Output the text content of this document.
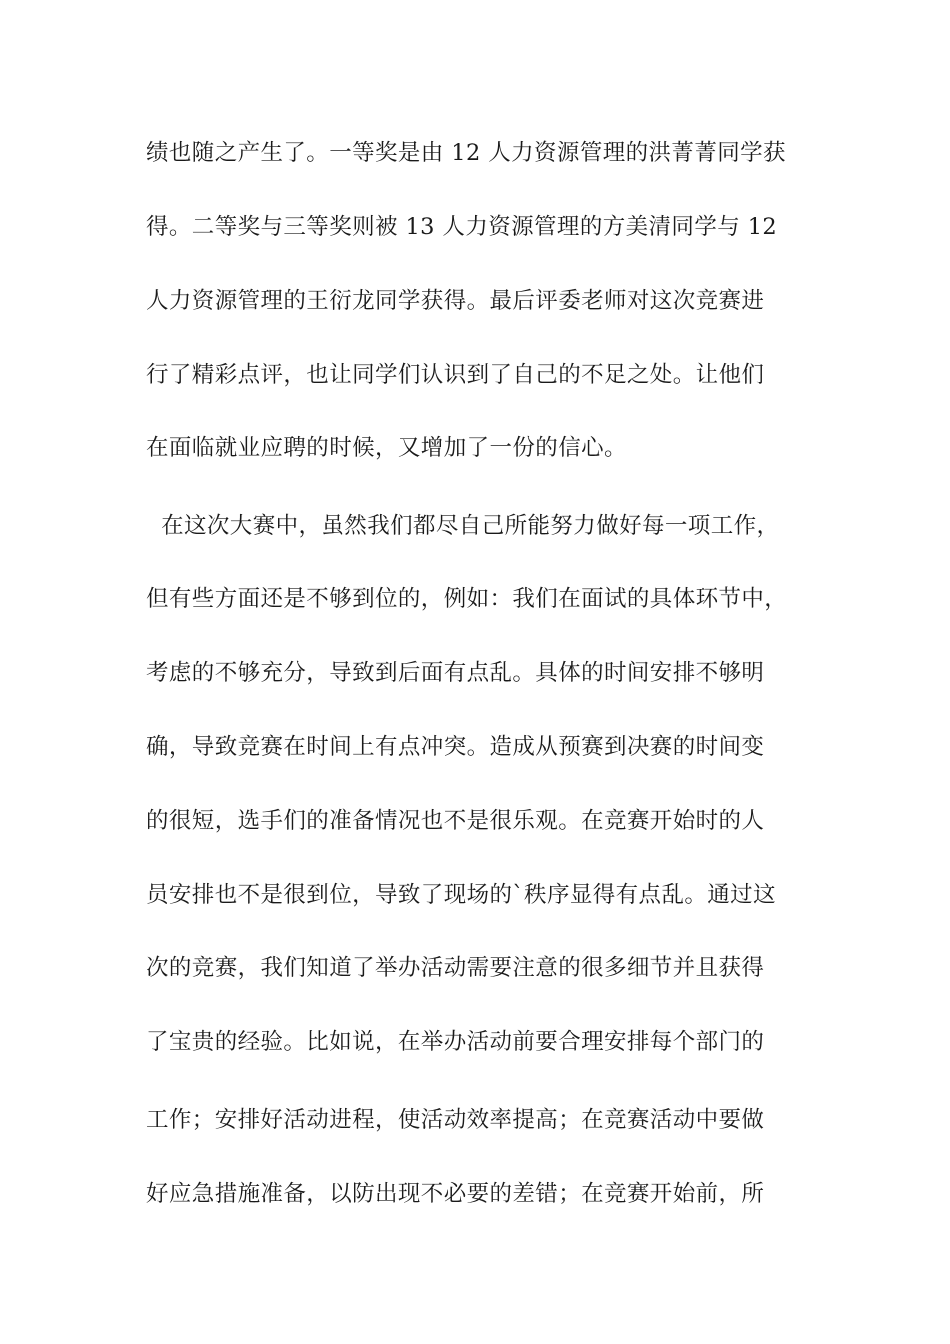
绩也随之产生了。一等奖是由 12 人力资源管理的洪菁菁同学获
得。二等奖与三等奖则被 13 人力资源管理的方美清同学与 12
人力资源管理的王衍龙同学获得。最后评委老师对这次竞赛进
行了精彩点评，也让同学们认识到了自己的不足之处。让他们
在面临就业应聘的时候，又增加了一份的信心。
在这次大赛中，虽然我们都尽自己所能努力做好每一项工作，
但有些方面还是不够到位的，例如：我们在面试的具体环节中，
考虑的不够充分，导致到后面有点乱。具体的时间安排不够明
确，导致竞赛在时间上有点冲突。造成从预赛到决赛的时间变
的很短，选手们的准备情况也不是很乐观。在竞赛开始时的人
员安排也不是很到位，导致了现场的`秩序显得有点乱。通过这
次的竞赛，我们知道了举办活动需要注意的很多细节并且获得
了宝贵的经验。比如说，在举办活动前要合理安排每个部门的
工作；安排好活动进程，使活动效率提高；在竞赛活动中要做
好应急措施准备，以防出现不必要的差错；在竞赛开始前，所
